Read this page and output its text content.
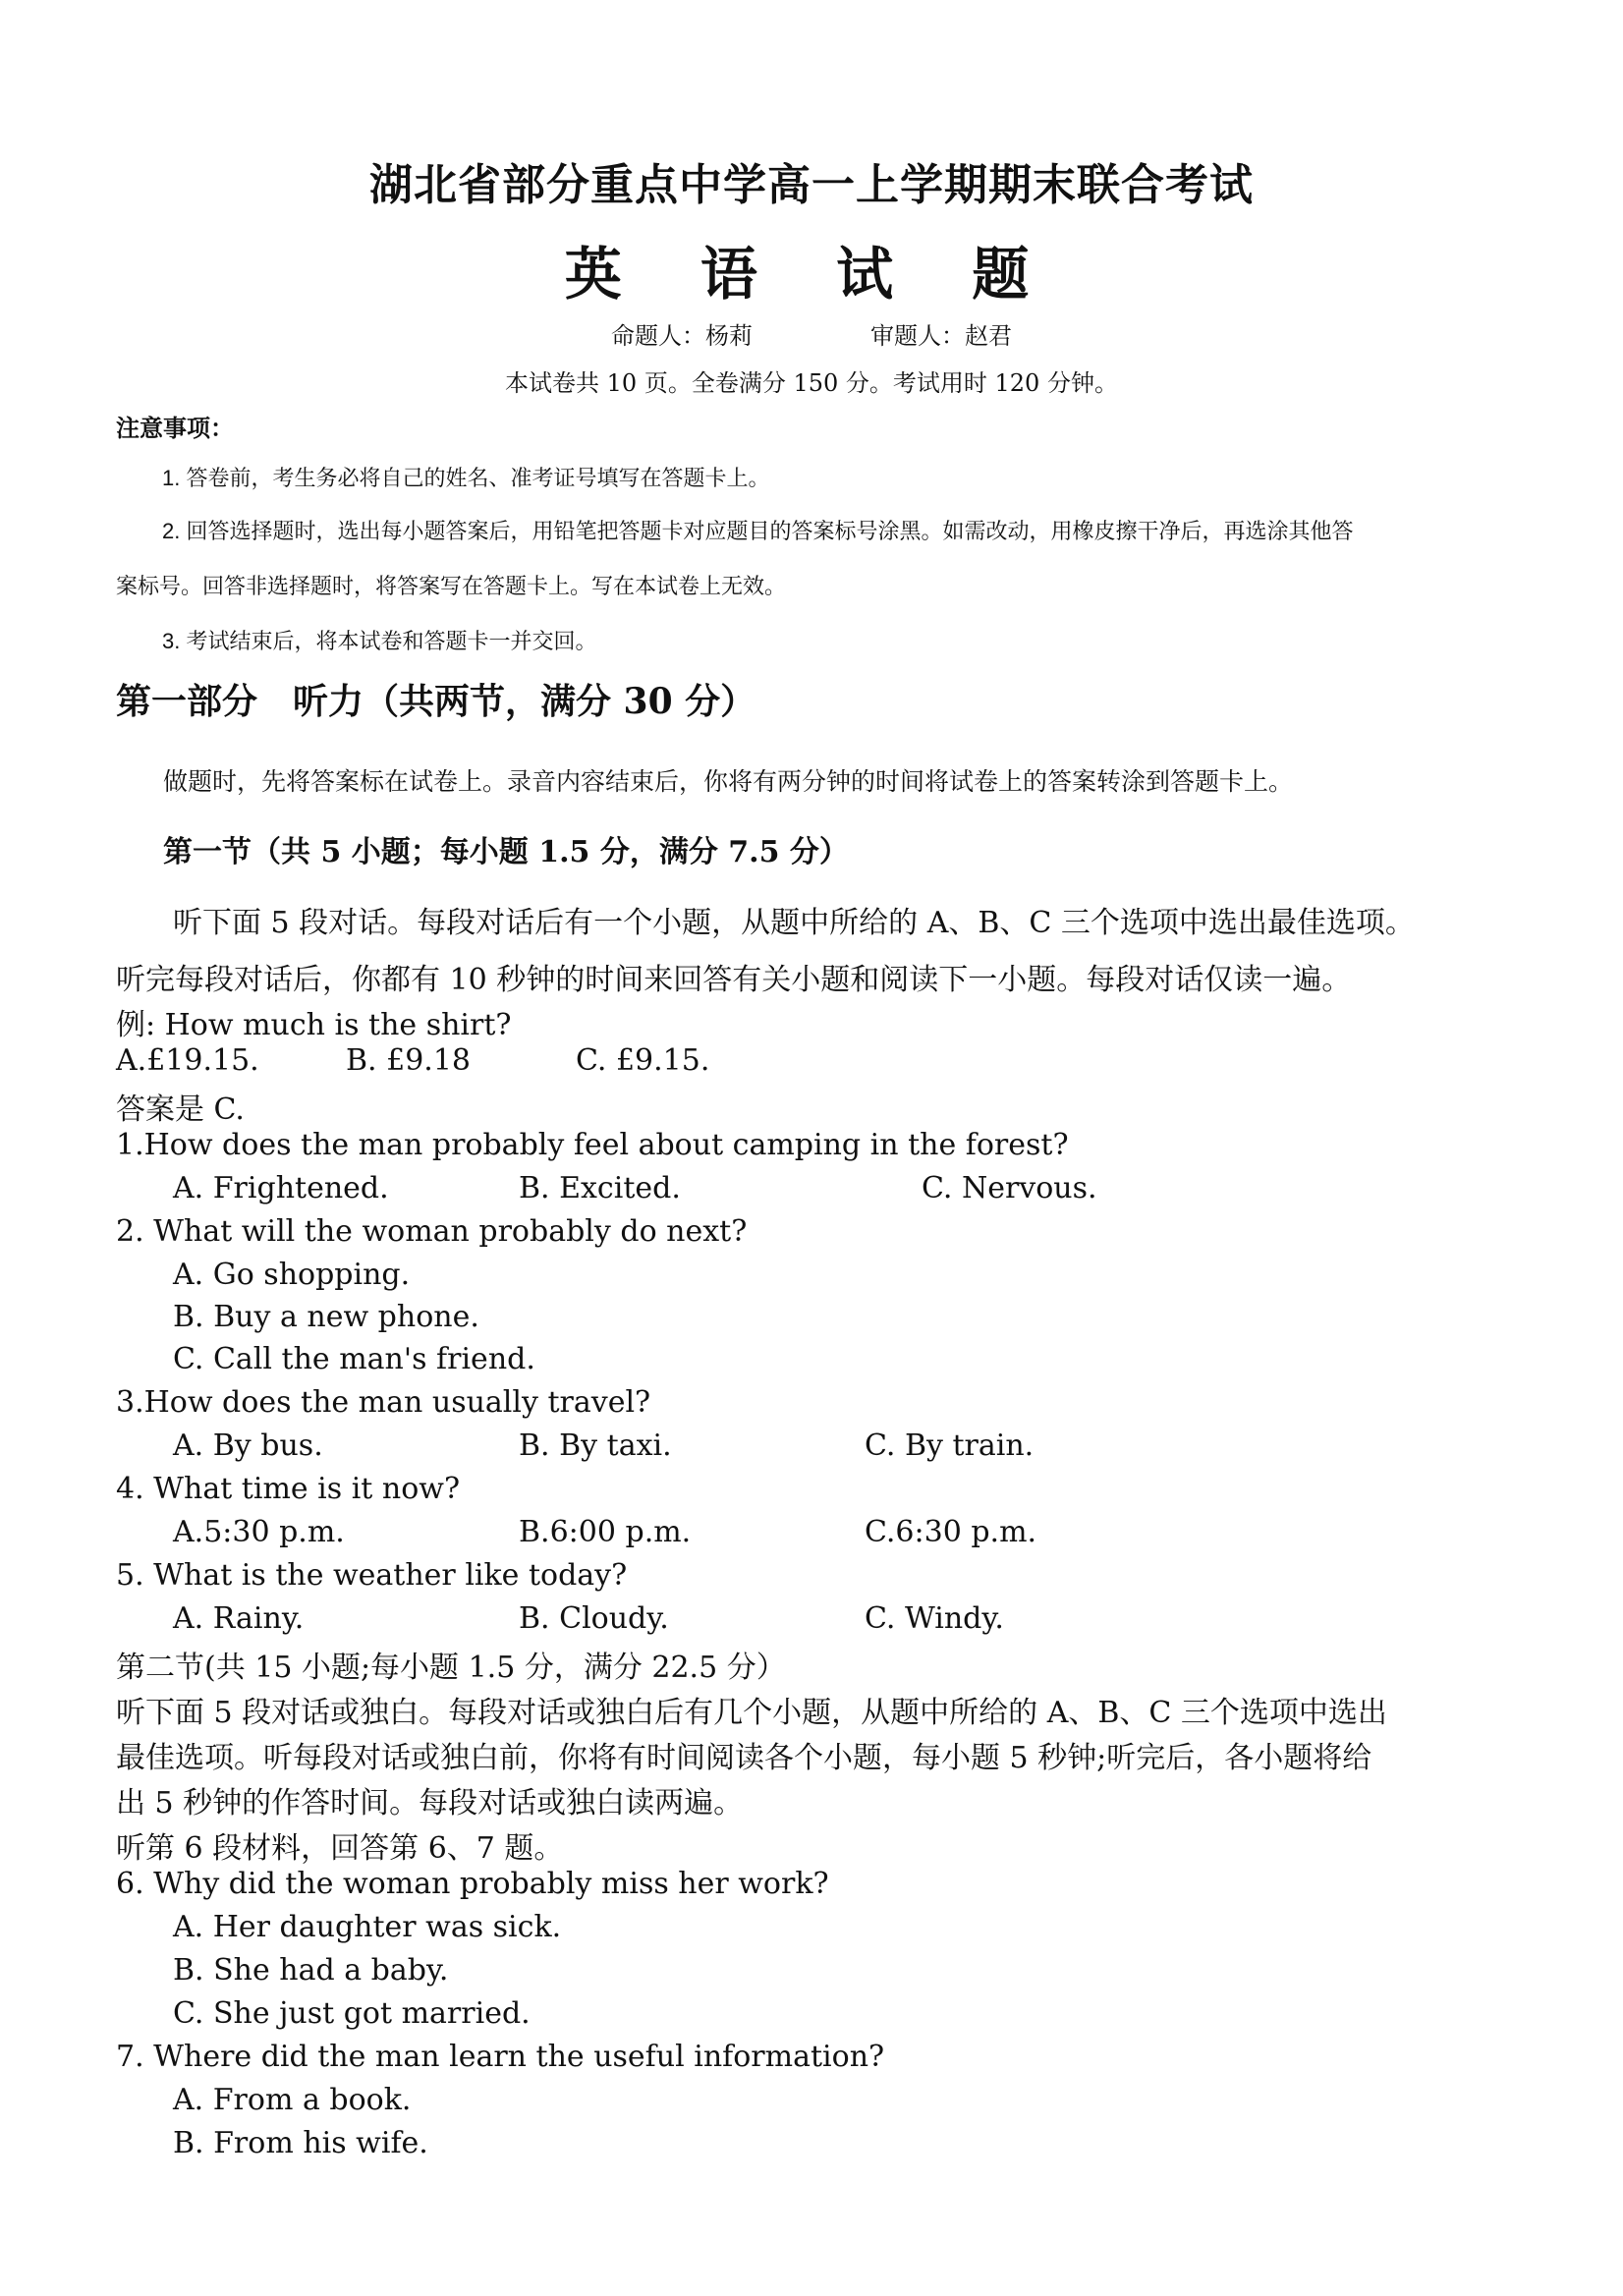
湖北省部分重点中学高一上学期期末联合考试
英 语 试 题
命题人：杨莉	审题人：赵君
本试卷共 10 页。全卷满分 150 分。考试用时 120 分钟。
注意事项：
1. 答卷前，考生务必将自己的姓名、准考证号填写在答题卡上。
2. 回答选择题时，选出每小题答案后，用铅笔把答题卡对应题目的答案标号涂黑。如需改动，用橡皮擦干净后，再选涂其他答
案标号。回答非选择题时，将答案写在答题卡上。写在本试卷上无效。
3. 考试结束后，将本试卷和答题卡一并交回。
第一部分　听力（共两节，满分 30 分）
做题时，先将答案标在试卷上。录音内容结束后，你将有两分钟的时间将试卷上的答案转涂到答题卡上。
第一节（共 5 小题；每小题 1.5 分，满分 7.5 分）
听下面 5 段对话。每段对话后有一个小题，从题中所给的 A、B、C 三个选项中选出最佳选项。
听完每段对话后，你都有 10 秒钟的时间来回答有关小题和阅读下一小题。每段对话仅读一遍。
例: How much is the shirt?
A.£19.15.	B. £9.18	C. £9.15.
答案是 C.
1.How does the man probably feel about camping in the forest?
A. Frightened.	B. Excited.	C. Nervous.
2. What will the woman probably do next?
A. Go shopping.
B. Buy a new phone.
C. Call the man's friend.
3.How does the man usually travel?
A. By bus.	B. By taxi.	C. By train.
4. What time is it now?
A.5:30 p.m.	B.6:00 p.m.	C.6:30 p.m.
5. What is the weather like today?
A. Rainy.	B. Cloudy.	C. Windy.
第二节(共 15 小题;每小题 1.5 分，满分 22.5 分）
听下面 5 段对话或独白。每段对话或独白后有几个小题，从题中所给的 A、B、C 三个选项中选出
最佳选项。听每段对话或独白前，你将有时间阅读各个小题，每小题 5 秒钟;听完后，各小题将给
出 5 秒钟的作答时间。每段对话或独白读两遍。
听第 6 段材料，回答第 6、7 题。
6. Why did the woman probably miss her work?
A. Her daughter was sick.
B. She had a baby.
C. She just got married.
7. Where did the man learn the useful information?
A. From a book.
B. From his wife.
